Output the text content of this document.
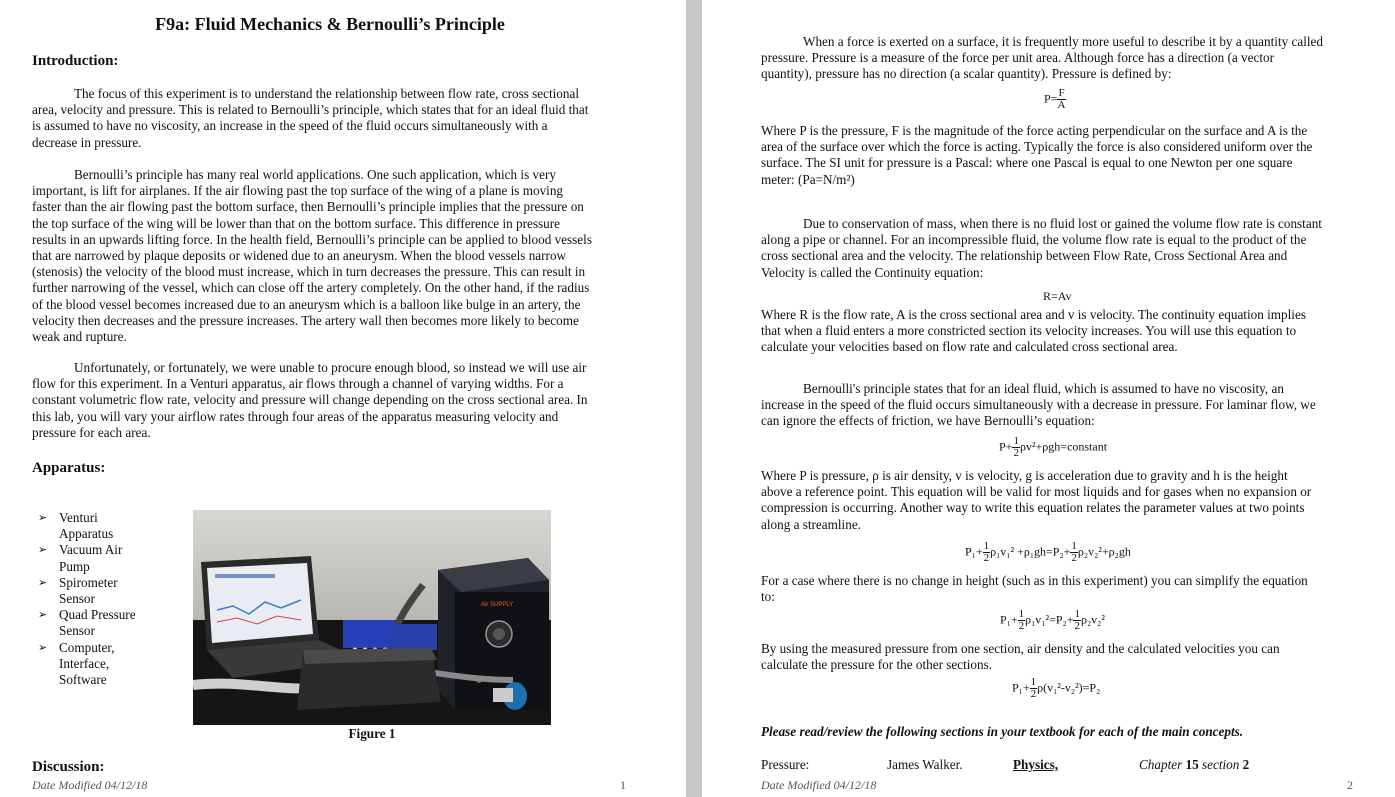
F9a: Fluid Mechanics & Bernoulli’s Principle
Introduction:
The focus of this experiment is to understand the relationship between flow rate, cross sectional
area, velocity and pressure. This is related to Bernoulli’s principle, which states that for an ideal fluid that
is assumed to have no viscosity, an increase in the speed of the fluid occurs simultaneously with a
decrease in pressure.
Bernoulli’s principle has many real world applications. One such application, which is very
important, is lift for airplanes. If the air flowing past the top surface of the wing of a plane is moving
faster than the air flowing past the bottom surface, then Bernoulli’s principle implies that the pressure on
the top surface of the wing will be lower than that on the bottom surface. This difference in pressure
results in an upwards lifting force. In the health field, Bernoulli’s principle can be applied to blood vessels
that are narrowed by plaque deposits or widened due to an aneurysm. When the blood vessels narrow
(stenosis) the velocity of the blood must increase, which in turn decreases the pressure. This can result in
further narrowing of the vessel, which can close off the artery completely. On the other hand, if the radius
of the blood vessel becomes increased due to an aneurysm which is a balloon like bulge in an artery, the
velocity then decreases and the pressure increases. The artery wall then becomes more likely to become
weak and rupture.
Unfortunately, or fortunately, we were unable to procure enough blood, so instead we will use air
flow for this experiment. In a Venturi apparatus, air flows through a channel of varying widths. For a
constant volumetric flow rate, velocity and pressure will change depending on the cross sectional area. In
this lab, you will vary your airflow rates through four areas of the apparatus measuring velocity and
pressure for each area.
Apparatus:
➢ Venturi
Apparatus
➢ Vacuum Air
Pump
➢ Spirometer
Sensor
➢ Quad Pressure
Sensor
➢ Computer,
Interface,
Software
Air SUPPLY
Figure 1
Discussion:
Date Modified 04/12/18	1
When a force is exerted on a surface, it is frequently more useful to describe it by a quantity called
pressure. Pressure is a measure of the force per unit area. Although force has a direction (a vector
quantity), pressure has no direction (a scalar quantity). Pressure is defined by:
$P= \frac{F}{A}$
Where P is the pressure, F is the magnitude of the force acting perpendicular on the surface and A is the
area of the surface over which the force is acting. Typically the force is also considered uniform over the
surface. The SI unit for pressure is a Pascal: where one Pascal is equal to one Newton per one square
meter: (Pa=N/m²)
Due to conservation of mass, when there is no fluid lost or gained the volume flow rate is constant
along a pipe or channel. For an incompressible fluid, the volume flow rate is equal to the product of the
cross sectional area and the velocity. The relationship between Flow Rate, Cross Sectional Area and
Velocity is called the Continuity equation:
R=Av
Where R is the flow rate, A is the cross sectional area and v is velocity. The continuity equation implies
that when a fluid enters a more constricted section its velocity increases. You will use this equation to
calculate your velocities based on flow rate and calculated cross sectional area.
Bernoulli's principle states that for an ideal fluid, which is assumed to have no viscosity, an
increase in the speed of the fluid occurs simultaneously with a decrease in pressure. For laminar flow, we
can ignore the effects of friction, we have Bernoulli’s equation:
$P+ \frac{1}{2}$ ρv²+ρgh=constant
Where P is pressure, ρ is air density, v is velocity, g is acceleration due to gravity and h is the height
above a reference point. This equation will be valid for most liquids and for gases when no expansion or
compression is occurring. Another way to write this equation relates the parameter values at two points
along a streamline.
$P_1+ \frac{1}{2} \rho_1v_1^2 +\rho_1gh=P_2+ \frac{1}{2} \rho_2v_2^2+\rho_2gh$
For a case where there is no change in height (such as in this experiment) you can simplify the equation
to:
$P_1+ \frac{1}{2} \rho_1v_1^2=P_2+ \frac{1}{2} \rho_2v_2^2$
By using the measured pressure from one section, air density and the calculated velocities you can
calculate the pressure for the other sections.
$P_1+ \frac{1}{2} \rho(v_1^2-v_2^2)=P_2$
Please read/review the following sections in your textbook for each of the main concepts.
Pressure:	James Walker.	Physics,	Chapter 15 section 2
Date Modified 04/12/18	2
